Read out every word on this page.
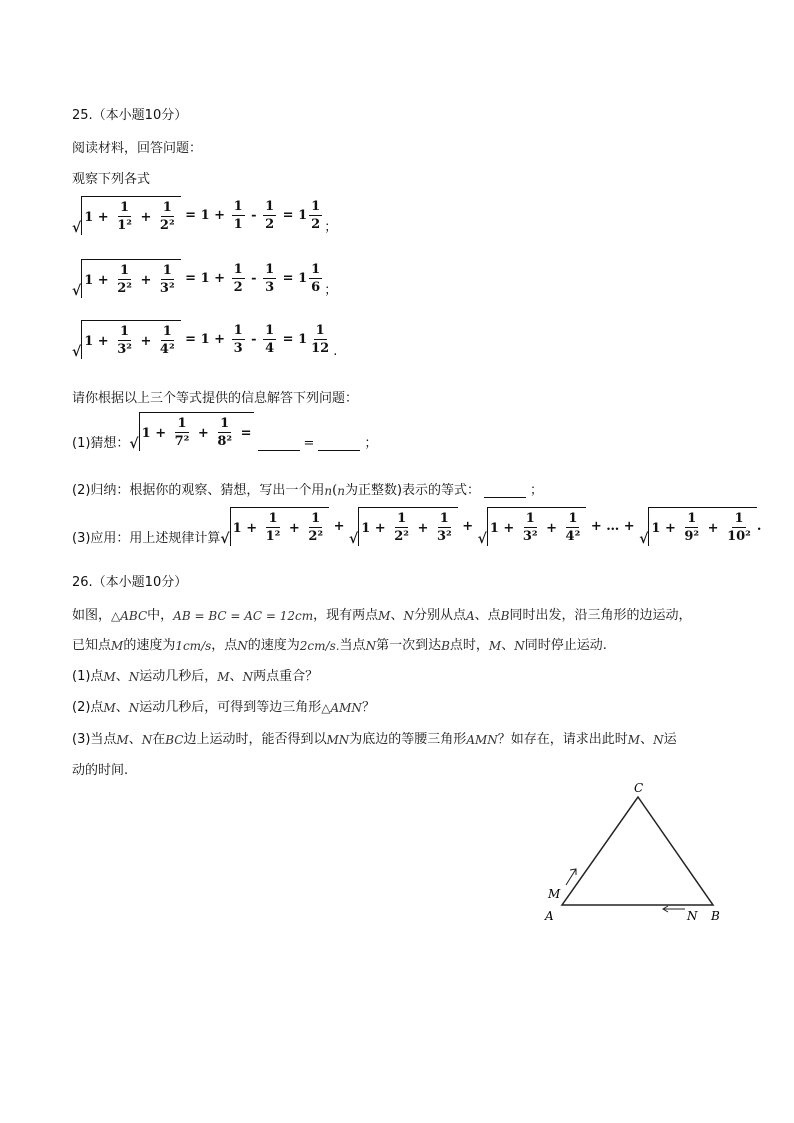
25.（本小题10分）
阅读材料，回答问题：
观察下列各式
√
$1 + \frac{1}{\text{1²}} + \frac{1}{\text{2²}} = 1 + \frac{1}{1} - \frac{1}{2} = 1 \frac{1}{2}$ ；
√
$1 + \frac{1}{\text{2²}} + \frac{1}{\text{3²}} = 1 + \frac{1}{2} - \frac{1}{3} = 1 \frac{1}{6}$ ；
√
$1 + \frac{1}{\text{3²}} + \frac{1}{\text{4²}} = 1 + \frac{1}{3} - \frac{1}{4} = 1 \frac{1}{12}$ .
请你根据以上三个等式提供的信息解答下列问题：
(1)猜想： √
$1 + \frac{1}{\text{7²}} + \frac{1}{\text{8²}}$ =
=	；
(2)归纳：根据你的观察、猜想，写出一个用 n ( n 为正整数)表示的等式：	；
(3)应用：用上述规律计算 √
$1 + \frac{1}{\text{1²}} + \frac{1}{\text{2²}}$ +
√
$1 + \frac{1}{\text{2²}} + \frac{1}{\text{3²}}$ +
√
$1 + \frac{1}{\text{3²}} + \frac{1}{\text{4²}}$ + … +
√
$1 + \frac{1}{\text{9²}} + \frac{1}{\text{10²}}$ .
26.（本小题10分）
如图， △ABC 中， AB = BC = AC = 12cm ，现有两点 M 、 N 分别从点 A 、点 B 同时出发，沿三角形的边运动，
已知点 M 的速度为 1cm/s ，点 N 的速度为 2cm/s. 当点 N 第一次到达 B 点时， M 、 N 同时停止运动.
(1)点 M 、 N 运动几秒后， M 、 N 两点重合？
(2)点 M 、 N 运动几秒后，可得到等边三角形 △AMN ？
(3)当点 M 、 N 在 BC 边上运动时，能否得到以 MN 为底边的等腰三角形 AMN ？如存在，请求出此时 M 、 N 运
动的时间.
A	B
C
M
N
